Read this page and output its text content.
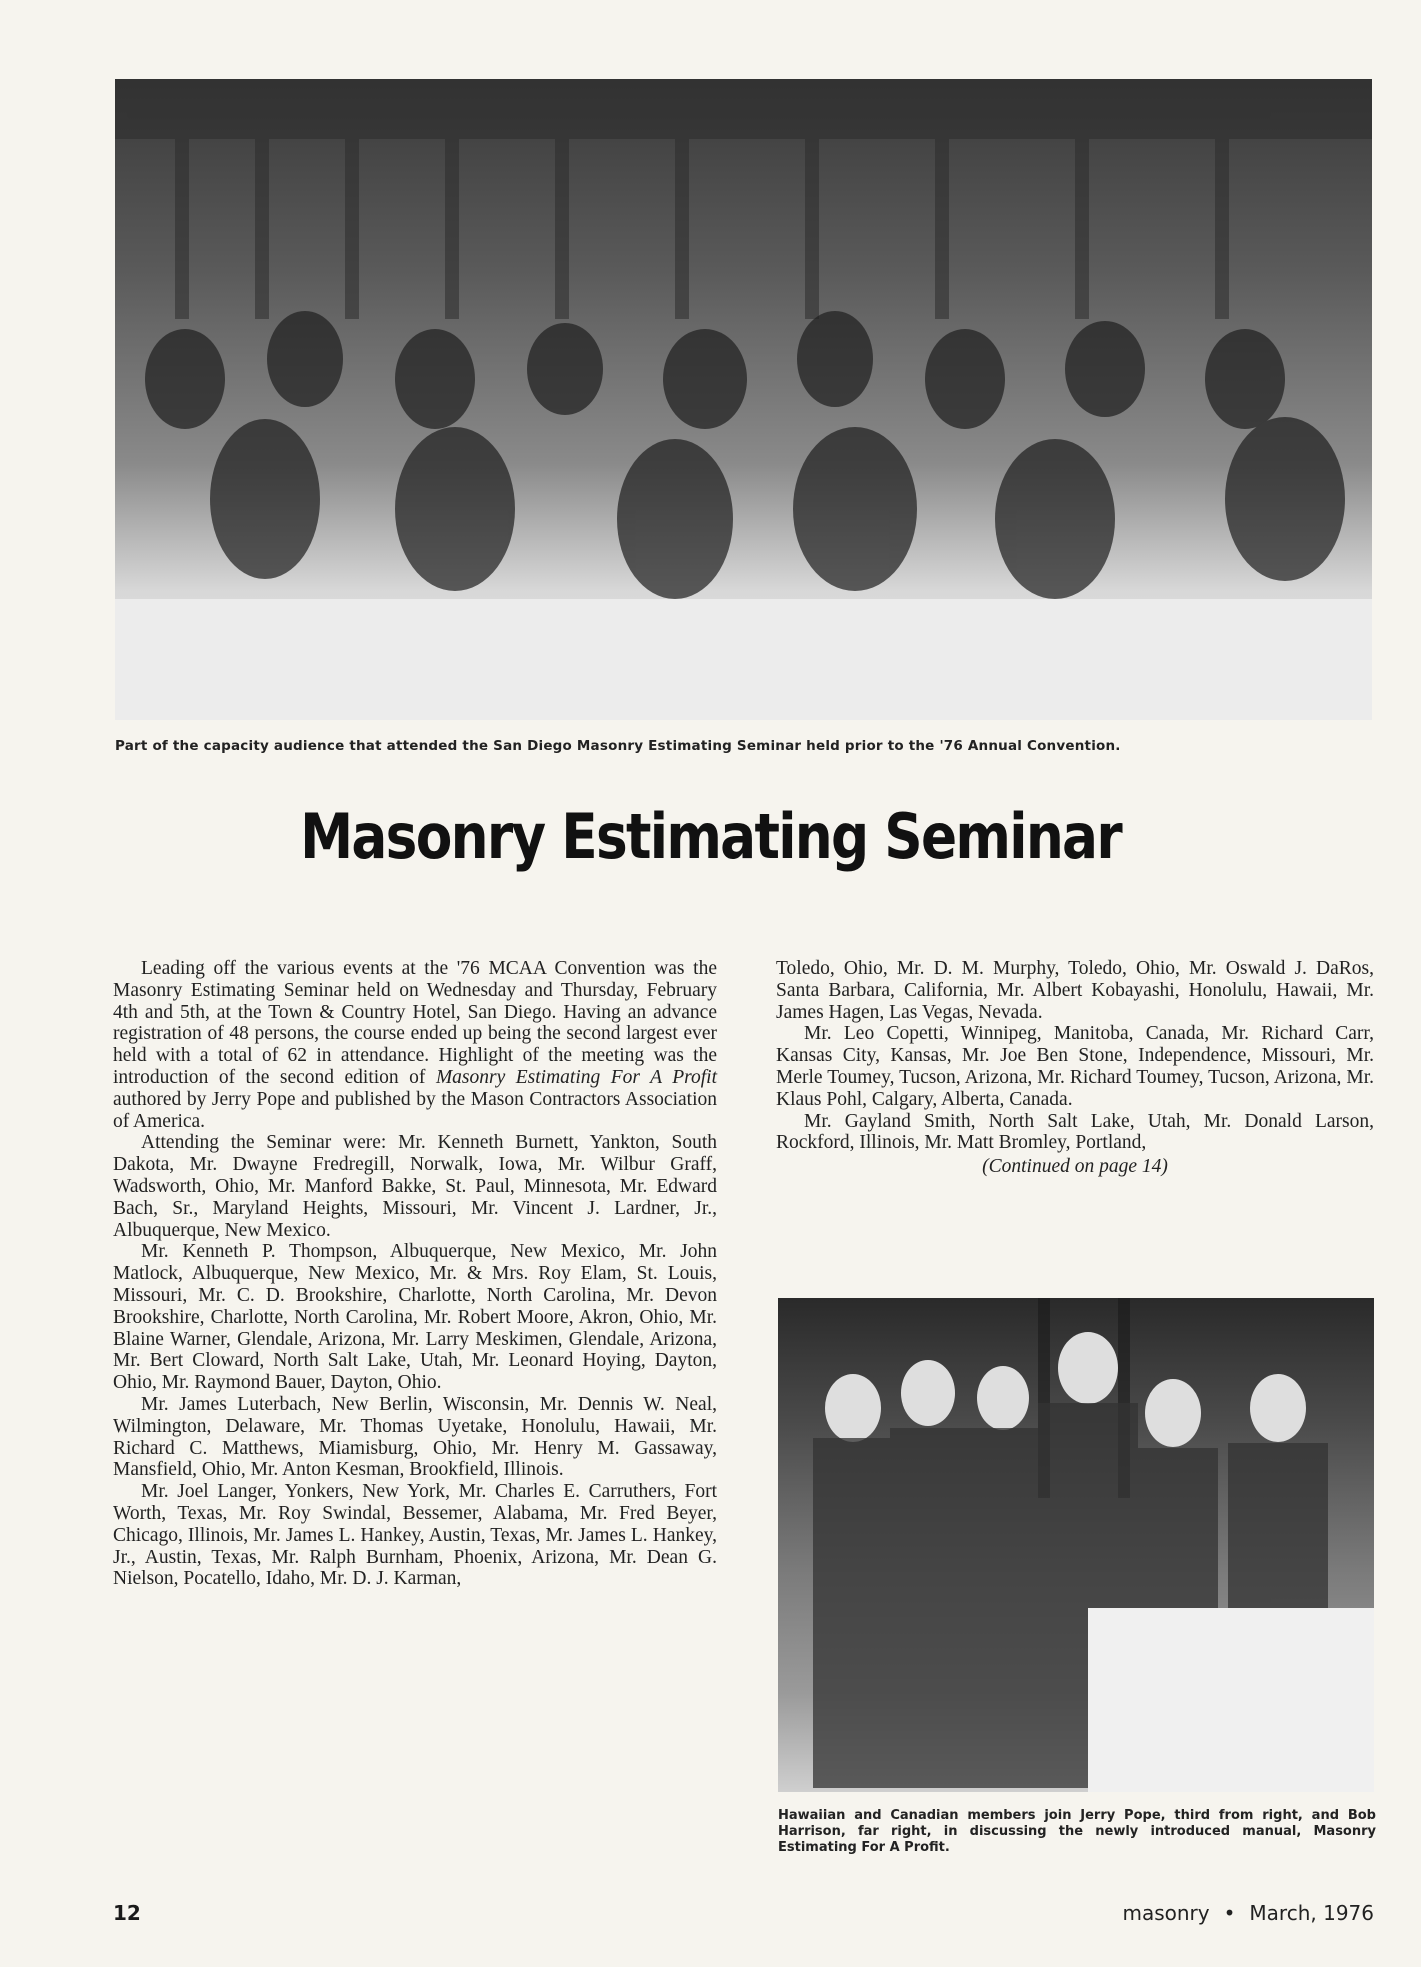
Part of the capacity audience that attended the San Diego Masonry Estimating Seminar held prior to the '76 Annual Convention.
Masonry Estimating Seminar

Leading off the various events at the '76 MCAA Convention was the Masonry Estimating Seminar held on Wednesday and Thursday, February 4th and 5th, at the Town & Country Hotel, San Diego. Having an advance registration of 48 persons, the course ended up being the second largest ever held with a total of 62 in attendance. Highlight of the meeting was the introduction of the second edition of Masonry Estimating For A Profit authored by Jerry Pope and published by the Mason Contractors Association of America.

Attending the Seminar were: Mr. Kenneth Burnett, Yankton, South Dakota, Mr. Dwayne Fredregill, Norwalk, Iowa, Mr. Wilbur Graff, Wadsworth, Ohio, Mr. Manford Bakke, St. Paul, Minnesota, Mr. Edward Bach, Sr., Maryland Heights, Missouri, Mr. Vincent J. Lardner, Jr., Albuquerque, New Mexico.

Mr. Kenneth P. Thompson, Albuquerque, New Mexico, Mr. John Matlock, Albuquerque, New Mexico, Mr. & Mrs. Roy Elam, St. Louis, Missouri, Mr. C. D. Brookshire, Charlotte, North Carolina, Mr. Devon Brookshire, Charlotte, North Carolina, Mr. Robert Moore, Akron, Ohio, Mr. Blaine Warner, Glendale, Arizona, Mr. Larry Meskimen, Glendale, Arizona, Mr. Bert Cloward, North Salt Lake, Utah, Mr. Leonard Hoying, Dayton, Ohio, Mr. Raymond Bauer, Dayton, Ohio.

Mr. James Luterbach, New Berlin, Wisconsin, Mr. Dennis W. Neal, Wilmington, Delaware, Mr. Thomas Uyetake, Honolulu, Hawaii, Mr. Richard C. Matthews, Miamisburg, Ohio, Mr. Henry M. Gassaway, Mansfield, Ohio, Mr. Anton Kesman, Brookfield, Illinois.

Mr. Joel Langer, Yonkers, New York, Mr. Charles E. Carruthers, Fort Worth, Texas, Mr. Roy Swindal, Bessemer, Alabama, Mr. Fred Beyer, Chicago, Illinois, Mr. James L. Hankey, Austin, Texas, Mr. James L. Hankey, Jr., Austin, Texas, Mr. Ralph Burnham, Phoenix, Arizona, Mr. Dean G. Nielson, Pocatello, Idaho, Mr. D. J. Karman,

Toledo, Ohio, Mr. D. M. Murphy, Toledo, Ohio, Mr. Oswald J. DaRos, Santa Barbara, California, Mr. Albert Kobayashi, Honolulu, Hawaii, Mr. James Hagen, Las Vegas, Nevada.

Mr. Leo Copetti, Winnipeg, Manitoba, Canada, Mr. Richard Carr, Kansas City, Kansas, Mr. Joe Ben Stone, Independence, Missouri, Mr. Merle Toumey, Tucson, Arizona, Mr. Richard Toumey, Tucson, Arizona, Mr. Klaus Pohl, Calgary, Alberta, Canada.

Mr. Gayland Smith, North Salt Lake, Utah, Mr. Donald Larson, Rockford, Illinois, Mr. Matt Bromley, Portland,

(Continued on page 14)

Hawaiian and Canadian members join Jerry Pope, third from right, and Bob Harrison, far right, in discussing the newly introduced manual, Masonry Estimating For A Profit.
12	masonry • March, 1976
